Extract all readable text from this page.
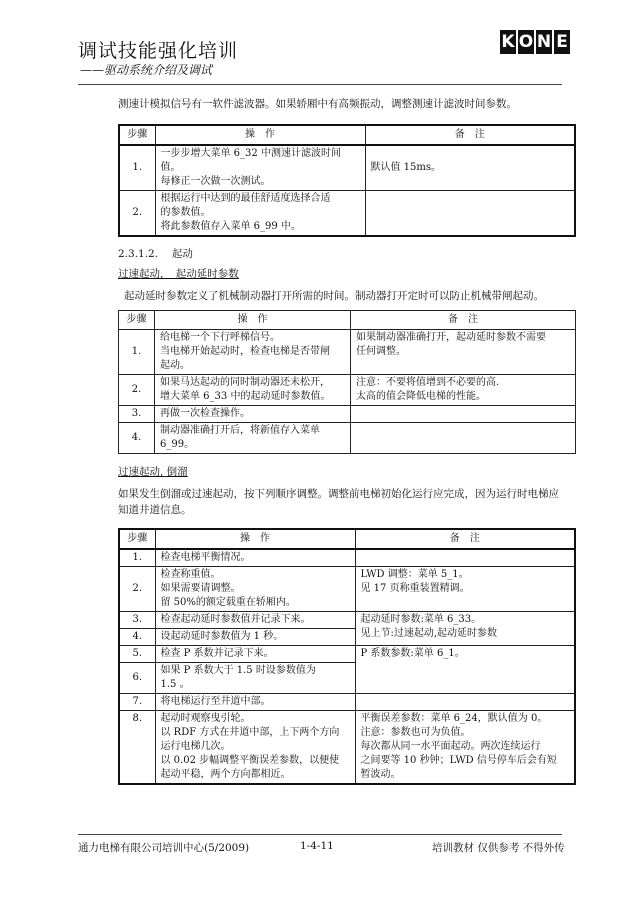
调试技能强化培训
——驱动系统介绍及调试
K O N E
测速计模拟信号有一软件滤波器。如果轿厢中有高频振动，调整测速计滤波时间参数。
步骤	操　作	备　注
1.	一步步增大菜单 6_32 中测速计滤波时间
值。
每修正一次做一次测试。	默认值 15ms。

2.	根据运行中达到的最佳舒适度选择合适
的参数值。
将此参数值存入菜单 6_99 中。	

2.3.1.2.　 起动
过速起动，　起动延时参数
起动延时参数定义了机械制动器打开所需的时间。制动器打开定时可以防止机械带闸起动。
步骤	操　作	备　注
1.	给电梯一个下行呼梯信号。
当电梯开始起动时，检查电梯是否带闸
起动。	如果制动器准确打开，起动延时参数不需要
任何调整。

2.	如果马达起动的同时制动器还未松开，
增大菜单 6_33 中的起动延时参数值。	注意：不要将值增到不必要的高.
太高的值会降低电梯的性能。

3.	再做一次检查操作。	

4.	制动器准确打开后，将新值存入菜单
6_99。	

过速起动, 倒溜
如果发生倒溜或过速起动，按下列顺序调整。调整前电梯初始化运行应完成，因为运行时电梯应
知道井道信息。
步骤	操　作	备　注
1.	检查电梯平衡情况。	

2.	检查称重值。
如果需要请调整。
留 50%的额定载重在轿厢内。	LWD 调整：菜单 5_1。
见 17 页称重装置精调。

3.	检查起动延时参数值并记录下来。	起动延时参数:菜单 6_33。
见上节:过速起动,起动延时参数

4.	设起动延时参数值为 1 秒。	

5.	检查 P 系数并记录下来。	P 系数参数:菜单 6_1。

6.	如果 P 系数大于 1.5 时设参数值为
1.5 。	

7.	将电梯运行至井道中部。	

8.	起动时观察曳引轮。
以 RDF 方式在井道中部，上下两个方向
运行电梯几次。
以 0.02 步幅调整平衡误差参数，以便使
起动平稳，两个方向都相近。	平衡误差参数：菜单 6_24，默认值为 0。
注意：参数也可为负值。
每次都从同一水平面起动。两次连续运行
之间要等 10 秒钟；LWD 信号停车后会有短
暂波动。
通力电梯有限公司培训中心(5/2009)	1-4-11	培训教材 仅供参考 不得外传
